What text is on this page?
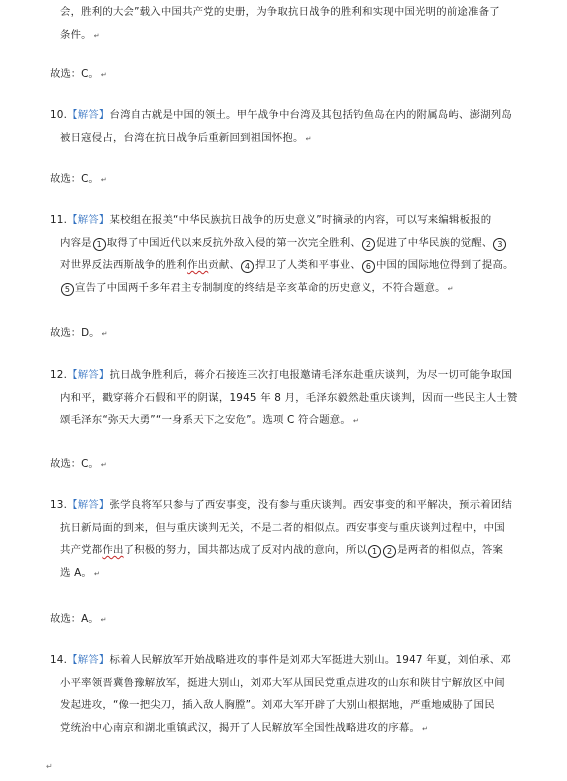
会，胜利的大会”载入中国共产党的史册，为争取抗日战争的胜利和实现中国光明的前途准备了
条件。 ↵
故选：C。 ↵
10.【解答】台湾自古就是中国的领土。甲午战争中台湾及其包括钓鱼岛在内的附属岛屿、澎湖列岛
被日寇侵占，台湾在抗日战争后重新回到祖国怀抱。 ↵
故选：C。 ↵
11.【解答】某校组在报美“中华民族抗日战争的历史意义”时摘录的内容，可以写来编辑板报的
内容是 1 取得了中国近代以来反抗外敌入侵的第一次完全胜利、 2 促进了中华民族的觉醒、 3
对世界反法西斯战争的胜利作出贡献、 4 捍卫了人类和平事业、 6 中国的国际地位得到了提高。
5 宣告了中国两千多年君主专制制度的终结是辛亥革命的历史意义，不符合题意。 ↵
故选：D。 ↵
12.【解答】抗日战争胜利后，蒋介石接连三次打电报邀请毛泽东赴重庆谈判，为尽一切可能争取国
内和平，戳穿蒋介石假和平的阴谋，1945 年 8 月，毛泽东毅然赴重庆谈判，因而一些民主人士赞
颂毛泽东“弥天大勇”“一身系天下之安危”。选项 C 符合题意。 ↵
故选：C。 ↵
13.【解答】张学良将军只参与了西安事变，没有参与重庆谈判。西安事变的和平解决，预示着团结
抗日新局面的到来，但与重庆谈判无关，不是二者的相似点。西安事变与重庆谈判过程中，中国
共产党都作出了积极的努力，国共都达成了反对内战的意向，所以 1 2 是两者的相似点，答案
选 A。 ↵
故选：A。 ↵
14.【解答】标着人民解放军开始战略进攻的事件是刘邓大军挺进大别山。1947 年夏，刘伯承、邓
小平率领晋冀鲁豫解放军，挺进大别山，刘邓大军从国民党重点进攻的山东和陕甘宁解放区中间
发起进攻，“像一把尖刀，插入敌人胸膛”。刘邓大军开辟了大别山根据地，严重地威胁了国民
党统治中心南京和湖北重镇武汉，揭开了人民解放军全国性战略进攻的序幕。 ↵
↵
